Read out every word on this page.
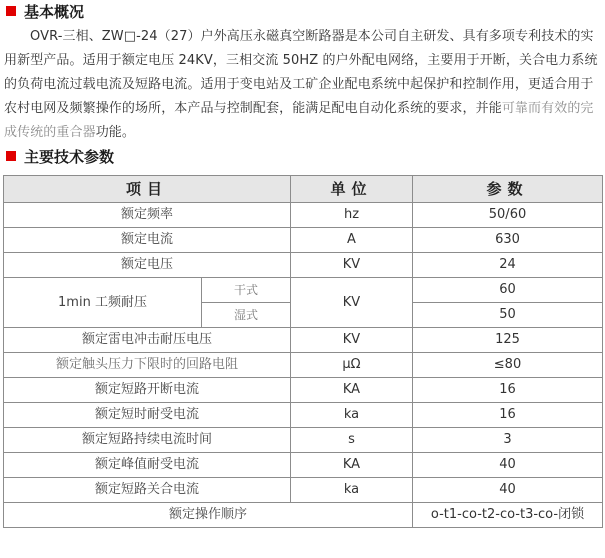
基本概况

OVR-三相、ZW□-24（27）户外高压永磁真空断路器是本公司自主研发、具有多项专利技术的实用新型产品。适用于额定电压 24KV，三相交流 50HZ 的户外配电网络，主要用于开断，关合电力系统的负荷电流过载电流及短路电流。适用于变电站及工矿企业配电系统中起保护和控制作用，更适合用于农村电网及频繁操作的场所，本产品与控制配套，能满足配电自动化系统的要求，并能可靠而有效的完成传统的重合器功能。

主要技术参数
项目		单位	参数
额定频率		hz	50/60
额定电流		A	630
额定电压		KV	24
1min 工频耐压	干式	KV	60
	湿式		50
额定雷电冲击耐压电压		KV	125
额定触头压力下限时的回路电阻		μΩ	≤80
额定短路开断电流		KA	16
额定短时耐受电流		ka	16
额定短路持续电流时间		s	3
额定峰值耐受电流		KA	40
额定短路关合电流		ka	40
额定操作顺序			o-t1-co-t2-co-t3-co-闭锁
